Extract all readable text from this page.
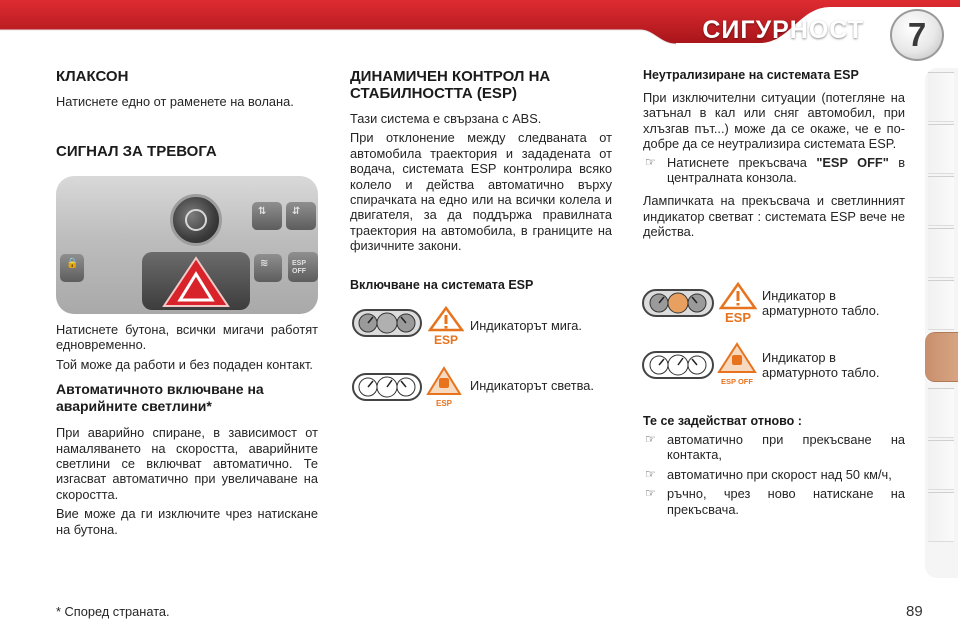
СИГУРНОСТ	7
КЛАКСОН

Натиснете едно от раменете на волана.

СИГНАЛ ЗА ТРЕВОГА
⇅	⇵
🔒	≋	ESP OFF

Натиснете бутона, всички мигачи работят едновременно.

Той може да работи и без подаден контакт.

Автоматичното включване на аварийните светлини*

При аварийно спиране, в зависимост от намаляването на скоростта, аварийните светлини се включват автоматично. Те изгасват автоматично при увеличаване на скоростта.

Вие може да ги изключите чрез натискане на бутона.

ДИНАМИЧЕН КОНТРОЛ НА СТАБИЛНОСТТА (ESP)

Тази система е свързана с ABS.

При отклонение между следваната от автомобила траектория и зададената от водача, системата ESP контролира всяко колело и действа автоматично върху спирачката на едно или на всички колела и двигателя, за да поддържа правилната траектория на автомобила, в границите на физичните закони.

Включване на системата ESP
ESP
Индикаторът мига.
ESP
Индикаторът светва.
Неутрализиране на системата ESP

При изключителни ситуации (потегляне на затънал в кал или сняг автомобил, при хлъзгав път...) може да се окаже, че е по-добре да се неутрализира системата ESP.

☞ Натиснете прекъсвача "ESP OFF" в централната конзола.

Лампичката на прекъсвача и светлинният индикатор светват : системата ESP вече не действа.

ESP
Индикатор в арматурното табло.
ESP OFF
Индикатор в арматурното табло.
Те се задействат отново :
☞ автоматично при прекъсване на контакта,
☞ автоматично при скорост над 50 км/ч,
☞ ръчно, чрез ново натискане на прекъсвача.
* Според страната.	89
